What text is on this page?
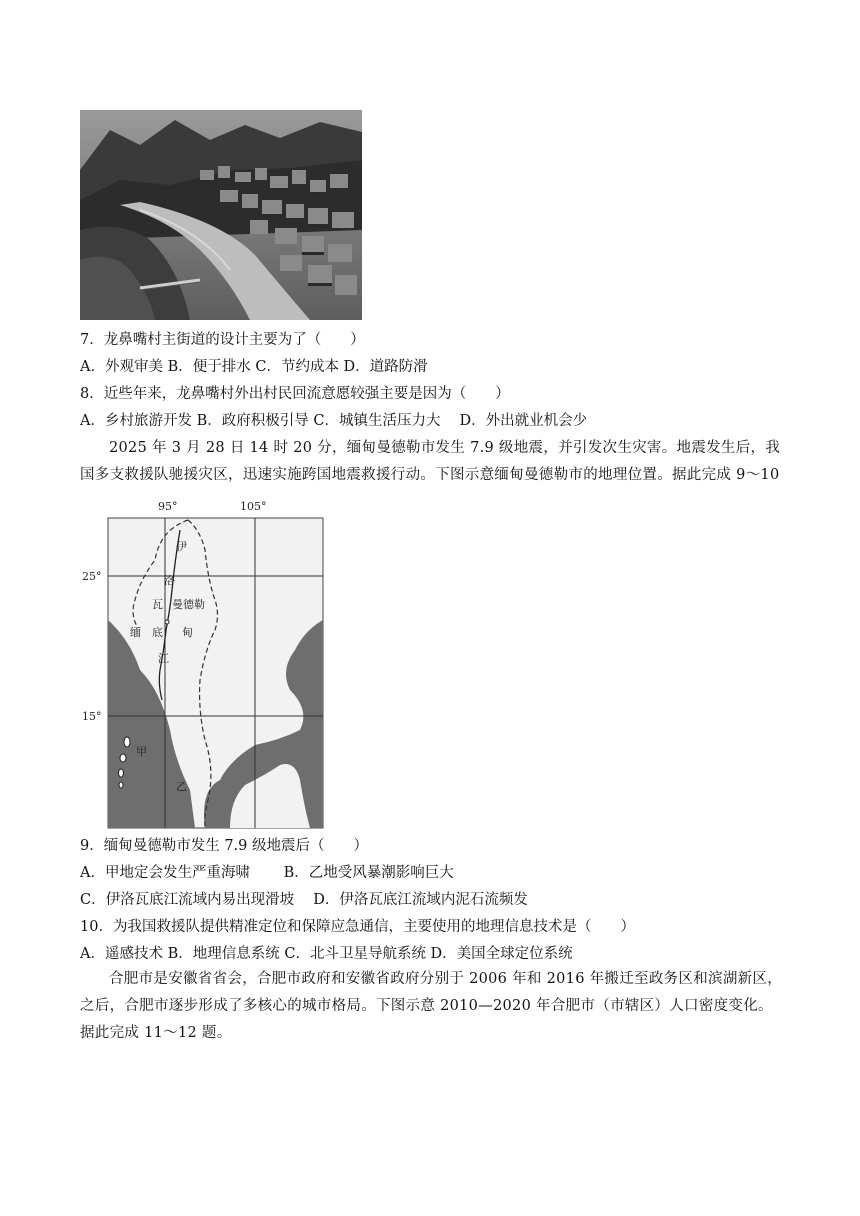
7．龙鼻嘴村主街道的设计主要为了（　　）
A．外观审美 B．便于排水 C．节约成本 D．道路防滑
8．近些年来，龙鼻嘴村外出村民回流意愿较强主要是因为（　　）
A．乡村旅游开发 B．政府积极引导 C．城镇生活压力大　 D．外出就业机会少
2025 年 3 月 28 日 14 时 20 分，缅甸曼德勒市发生 7.9 级地震，并引发次生灾害。地震发生后，我国多支救援队驰援灾区，迅速实施跨国地震救援行动。下图示意缅甸曼德勒市的地理位置。据此完成 9～10
95°	105°
25°
15°
伊
洛
瓦
底
江
缅	甸
曼德勒
甲
乙
9．缅甸曼德勒市发生 7.9 级地震后（　　）
A．甲地定会发生严重海啸　　 B．乙地受风暴潮影响巨大
C．伊洛瓦底江流域内易出现滑坡　 D．伊洛瓦底江流域内泥石流频发
10．为我国救援队提供精准定位和保障应急通信，主要使用的地理信息技术是（　　）
A．遥感技术 B．地理信息系统 C．北斗卫星导航系统 D．美国全球定位系统
合肥市是安徽省省会，合肥市政府和安徽省政府分别于 2006 年和 2016 年搬迁至政务区和滨湖新区，之后，合肥市逐步形成了多核心的城市格局。下图示意 2010—2020 年合肥市（市辖区）人口密度变化。据此完成 11～12 题。
